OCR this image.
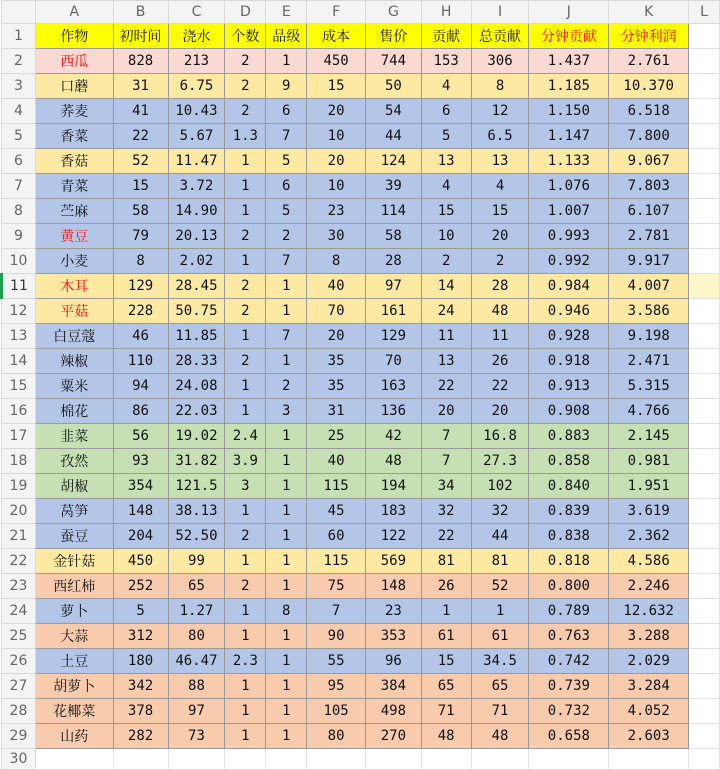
	A	B	C	D	E	F	G	H	I	J	K	L
1	作物	初时间	浇水	个数	品级	成本	售价	贡献	总贡献	分钟贡献	分钟利润	
2	西瓜	828	213	2	1	450	744	153	306	1.437	2.761	
3	口蘑	31	6.75	2	9	15	50	4	8	1.185	10.370	
4	荞麦	41	10.43	2	6	20	54	6	12	1.150	6.518	
5	香菜	22	5.67	1.3	7	10	44	5	6.5	1.147	7.800	
6	香菇	52	11.47	1	5	20	124	13	13	1.133	9.067	
7	青菜	15	3.72	1	6	10	39	4	4	1.076	7.803	
8	苎麻	58	14.90	1	5	23	114	15	15	1.007	6.107	
9	黄豆	79	20.13	2	2	30	58	10	20	0.993	2.781	
10	小麦	8	2.02	1	7	8	28	2	2	0.992	9.917	
11	木耳	129	28.45	2	1	40	97	14	28	0.984	4.007	
12	平菇	228	50.75	2	1	70	161	24	48	0.946	3.586	
13	白豆蔻	46	11.85	1	7	20	129	11	11	0.928	9.198	
14	辣椒	110	28.33	2	1	35	70	13	26	0.918	2.471	
15	粟米	94	24.08	1	2	35	163	22	22	0.913	5.315	
16	棉花	86	22.03	1	3	31	136	20	20	0.908	4.766	
17	韭菜	56	19.02	2.4	1	25	42	7	16.8	0.883	2.145	
18	孜然	93	31.82	3.9	1	40	48	7	27.3	0.858	0.981	
19	胡椒	354	121.5	3	1	115	194	34	102	0.840	1.951	
20	莴笋	148	38.13	1	1	45	183	32	32	0.839	3.619	
21	蚕豆	204	52.50	2	1	60	122	22	44	0.838	2.362	
22	金针菇	450	99	1	1	115	569	81	81	0.818	4.586	
23	西红柿	252	65	2	1	75	148	26	52	0.800	2.246	
24	萝卜	5	1.27	1	8	7	23	1	1	0.789	12.632	
25	大蒜	312	80	1	1	90	353	61	61	0.763	3.288	
26	土豆	180	46.47	2.3	1	55	96	15	34.5	0.742	2.029	
27	胡萝卜	342	88	1	1	95	384	65	65	0.739	3.284	
28	花椰菜	378	97	1	1	105	498	71	71	0.732	4.052	
29	山药	282	73	1	1	80	270	48	48	0.658	2.603	
30												
